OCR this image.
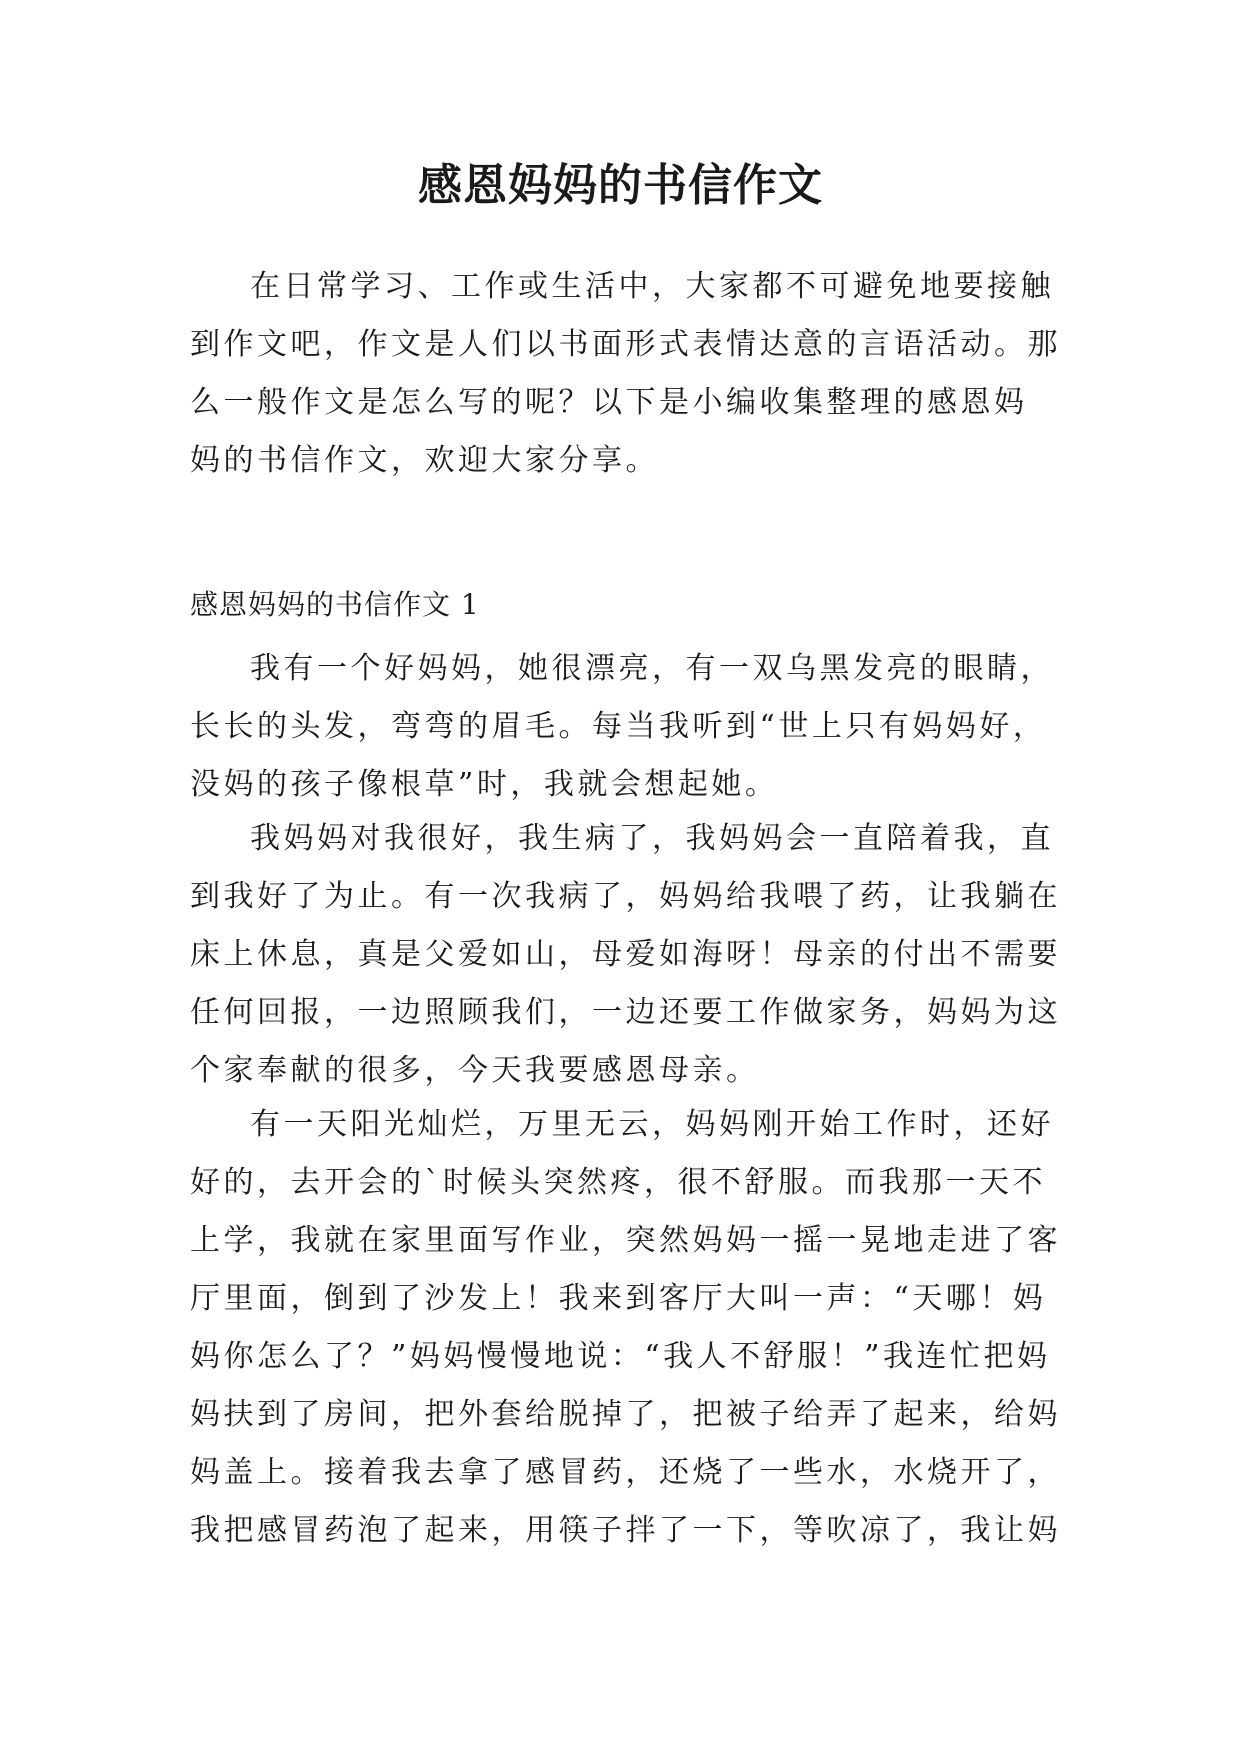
感恩妈妈的书信作文
在日常学习、工作或生活中，大家都不可避免地要接触
到作文吧，作文是人们以书面形式表情达意的言语活动。那
么一般作文是怎么写的呢？以下是小编收集整理的感恩妈
妈的书信作文，欢迎大家分享。
感恩妈妈的书信作文 1
我有一个好妈妈，她很漂亮，有一双乌黑发亮的眼睛，
长长的头发，弯弯的眉毛。每当我听到“世上只有妈妈好，
没妈的孩子像根草”时，我就会想起她。
我妈妈对我很好，我生病了，我妈妈会一直陪着我，直
到我好了为止。有一次我病了，妈妈给我喂了药，让我躺在
床上休息，真是父爱如山，母爱如海呀！母亲的付出不需要
任何回报，一边照顾我们，一边还要工作做家务，妈妈为这
个家奉献的很多，今天我要感恩母亲。
有一天阳光灿烂，万里无云，妈妈刚开始工作时，还好
好的，去开会的`时候头突然疼，很不舒服。而我那一天不
上学，我就在家里面写作业，突然妈妈一摇一晃地走进了客
厅里面，倒到了沙发上！我来到客厅大叫一声：“天哪！妈
妈你怎么了？”妈妈慢慢地说：“我人不舒服！”我连忙把妈
妈扶到了房间，把外套给脱掉了，把被子给弄了起来，给妈
妈盖上。接着我去拿了感冒药，还烧了一些水，水烧开了，
我把感冒药泡了起来，用筷子拌了一下，等吹凉了，我让妈
